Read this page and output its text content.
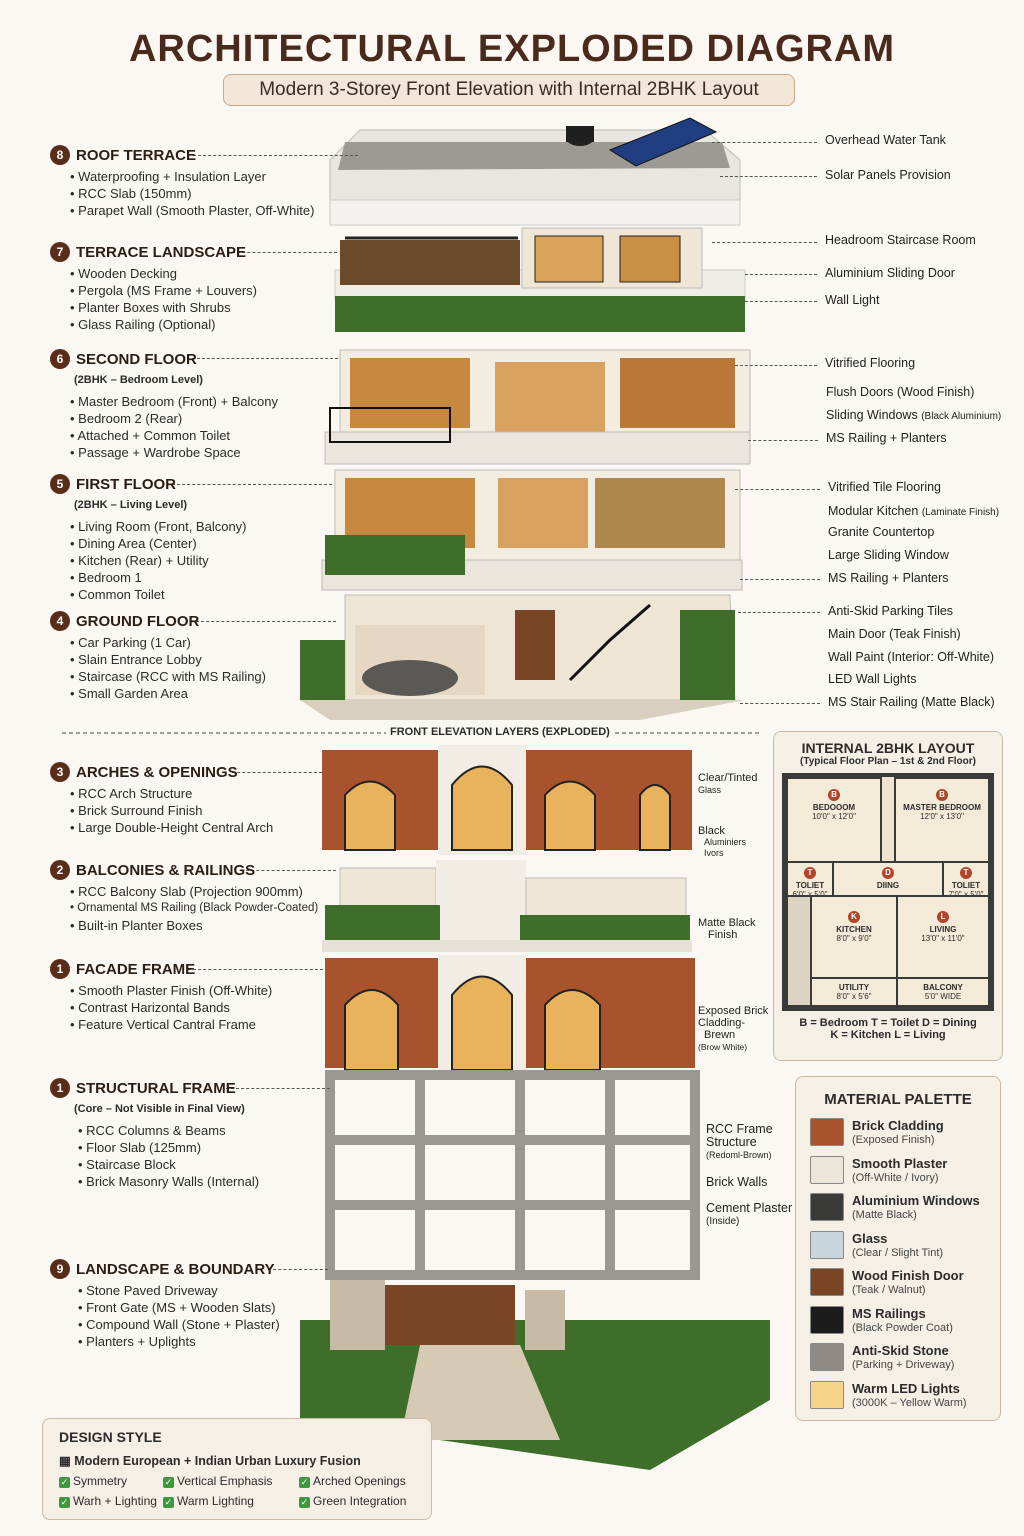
ARCHITECTURAL EXPLODED DIAGRAM
Modern 3-Storey Front Elevation with Internal 2BHK Layout
8 ROOF TERRACE
• Waterproofing + Insulation Layer
• RCC Slab (150mm)
• Parapet Wall (Smooth Plaster, Off-White)
7 TERRACE LANDSCAPE
• Wooden Decking
• Pergola (MS Frame + Louvers)
• Planter Boxes with Shrubs
• Glass Railing (Optional)
6 SECOND FLOOR
(2BHK – Bedroom Level)
• Master Bedroom (Front) + Balcony
• Bedroom 2 (Rear)
• Attached + Common Toilet
• Passage + Wardrobe Space
5 FIRST FLOOR
(2BHK – Living Level)
• Living Room (Front, Balcony)
• Dining Area (Center)
• Kitchen (Rear) + Utility
• Bedroom 1
• Common Toilet
4 GROUND FLOOR
• Car Parking (1 Car)
• Slain Entrance Lobby
• Staircase (RCC with MS Railing)
• Small Garden Area
FRONT ELEVATION LAYERS (EXPLODED)
3 ARCHES & OPENINGS
• RCC Arch Structure
• Brick Surround Finish
• Large Double-Height Central Arch
2 BALCONIES & RAILINGS
• RCC Balcony Slab (Projection 900mm)
• Ornamental MS Railing (Black Powder-Coated)
• Built-in Planter Boxes
1 FACADE FRAME
• Smooth Plaster Finish (Off-White)
• Contrast Harizontal Bands
• Feature Vertical Cantral Frame
1 STRUCTURAL FRAME
(Core – Not Visible in Final View)
• RCC Columns & Beams
• Floor Slab (125mm)
• Staircase Block
• Brick Masonry Walls (Internal)
9 LANDSCAPE & BOUNDARY
• Stone Paved Driveway
• Front Gate (MS + Wooden Slats)
• Compound Wall (Stone + Plaster)
• Planters + Uplights
Overhead Water Tank
Solar Panels Provision
Headroom Staircase Room
Aluminium Sliding Door
Wall Light
Vitrified Flooring
Flush Doors (Wood Finish)
Sliding Windows (Black Aluminium)
MS Railing + Planters
Vitrified Tile Flooring
Modular Kitchen (Laminate Finish)
Granite Countertop
Large Sliding Window
MS Railing + Planters
Anti-Skid Parking Tiles
Main Door (Teak Finish)
Wall Paint (Interior: Off-White)
LED Wall Lights
MS Stair Railing (Matte Black)
Clear/Tinted
Glass
Black
Aluminiers
Ivors
Matte Black
Finish
Exposed Brick
Cladding-
Brewn
(Brow White)
RCC Frame
Structure
(Redoml-Brown)
Brick Walls
Cement Plaster
(Inside)
INTERNAL 2BHK LAYOUT
(Typical Floor Plan – 1st & 2nd Floor)
B
BEDOOOM
10'0" x 12'0"
B
MASTER BEDROOM
12'0" x 13'0"
T
TOLIET

D
DIING
T
TOLIET

K
KITCHEN
8'0" x 9'0"
L
LIVING
13'0" x 11'0"
UTILITY
8'0" x 5'6"
BALCONY
5'0" WIDE
B = Bedroom T = Toilet D = Dining
K = Kitchen L = Living
MATERIAL PALETTE
Brick Cladding
(Exposed Finish)
Smooth Plaster
(Off-White / Ivory)
Aluminium Windows
(Matte Black)
Glass
(Clear / Slight Tint)
Wood Finish Door
(Teak / Walnut)
MS Railings
(Black Powder Coat)
Anti-Skid Stone
(Parking + Driveway)
Warm LED Lights
(3000K – Yellow Warm)
DESIGN STYLE
▦ Modern European + Indian Urban Luxury Fusion
✓ Symmetry	✓ Vertical Emphasis	✓ Arched Openings
✓ Warh + Lighting ✓ Warm Lighting	✓ Green Integration
